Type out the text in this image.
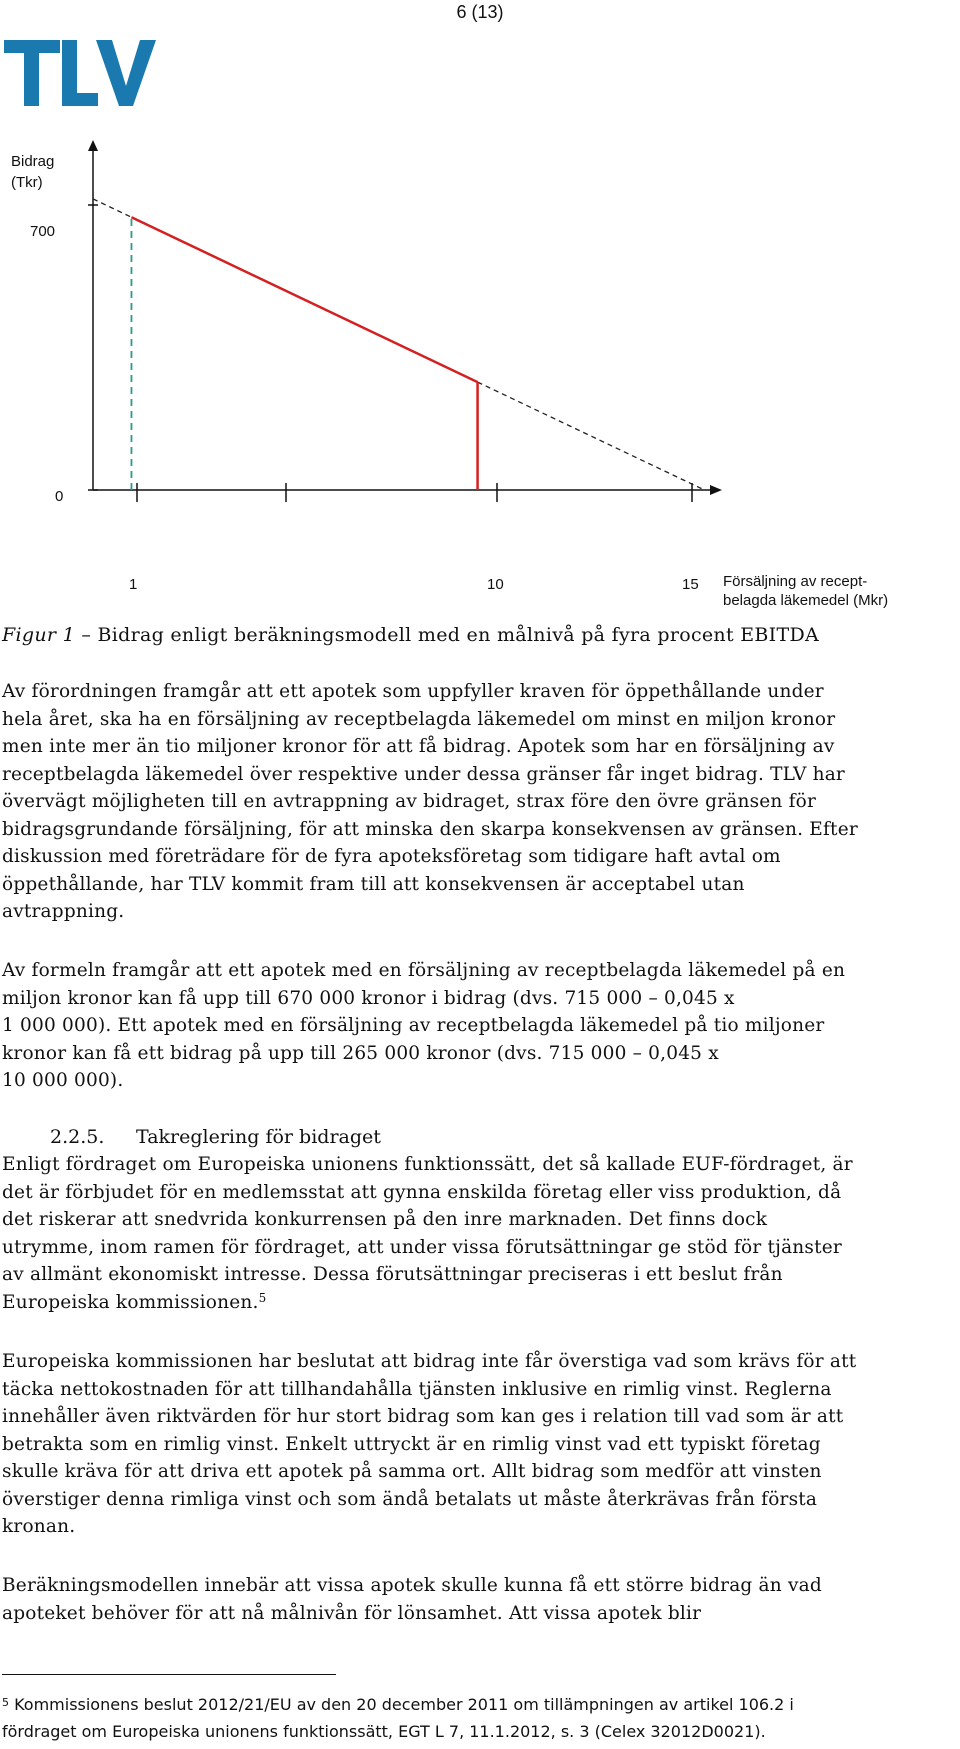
6 (13)
Bidrag
(Tkr)
700
0
1	10	15 Försäljning av recept-
belagda läkemedel (Mkr)
Figur 1 – Bidrag enligt beräkningsmodell med en målnivå på fyra procent EBITDA
Av förordningen framgår att ett apotek som uppfyller kraven för öppethållande under
hela året, ska ha en försäljning av receptbelagda läkemedel om minst en miljon kronor
men inte mer än tio miljoner kronor för att få bidrag. Apotek som har en försäljning av
receptbelagda läkemedel över respektive under dessa gränser får inget bidrag. TLV har
övervägt möjligheten till en avtrappning av bidraget, strax före den övre gränsen för
bidragsgrundande försäljning, för att minska den skarpa konsekvensen av gränsen. Efter
diskussion med företrädare för de fyra apoteksföretag som tidigare haft avtal om
öppethållande, har TLV kommit fram till att konsekvensen är acceptabel utan
avtrappning.
Av formeln framgår att ett apotek med en försäljning av receptbelagda läkemedel på en
miljon kronor kan få upp till 670 000 kronor i bidrag (dvs. 715 000 – 0,045 x
1 000 000). Ett apotek med en försäljning av receptbelagda läkemedel på tio miljoner
kronor kan få ett bidrag på upp till 265 000 kronor (dvs. 715 000 – 0,045 x
10 000 000).
2.2.5. Takreglering för bidraget
Enligt fördraget om Europeiska unionens funktionssätt, det så kallade EUF-fördraget, är
det är förbjudet för en medlemsstat att gynna enskilda företag eller viss produktion, då
det riskerar att snedvrida konkurrensen på den inre marknaden. Det finns dock
utrymme, inom ramen för fördraget, att under vissa förutsättningar ge stöd för tjänster
av allmänt ekonomiskt intresse. Dessa förutsättningar preciseras i ett beslut från
Europeiska kommissionen.$^5$
Europeiska kommissionen har beslutat att bidrag inte får överstiga vad som krävs för att
täcka nettokostnaden för att tillhandahålla tjänsten inklusive en rimlig vinst. Reglerna
innehåller även riktvärden för hur stort bidrag som kan ges i relation till vad som är att
betrakta som en rimlig vinst. Enkelt uttryckt är en rimlig vinst vad ett typiskt företag
skulle kräva för att driva ett apotek på samma ort. Allt bidrag som medför att vinsten
överstiger denna rimliga vinst och som ändå betalats ut måste återkrävas från första
kronan.
Beräkningsmodellen innebär att vissa apotek skulle kunna få ett större bidrag än vad
apoteket behöver för att nå målnivån för lönsamhet. Att vissa apotek blir
$^5$ Kommissionens beslut 2012/21/EU av den 20 december 2011 om tillämpningen av artikel 106.2 i
fördraget om Europeiska unionens funktionssätt, EGT L 7, 11.1.2012, s. 3 (Celex 32012D0021).
